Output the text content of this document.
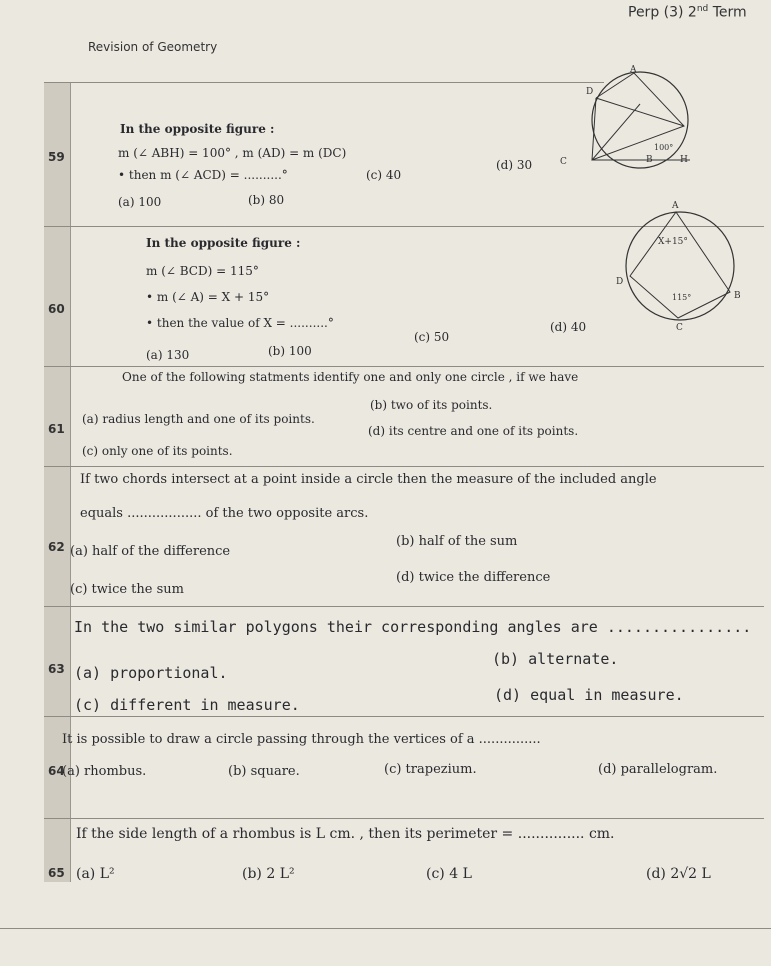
Perp (3) 2nd Term
Revision of Geometry
59
In the opposite figure :
m (∠ ABH) = 100° , m (AD) = m (DC)
• then m (∠ ACD) = ..........°
(a) 100	(b) 80
(c) 40
(d) 30
D
A
100°
C	B	H
60
In the opposite figure :
m (∠ BCD) = 115°
• m (∠ A) = X + 15°
• then the value of X = ..........°
(a) 130	(b) 100
(c) 50
(d) 40
A
X+15°
D
115°	B
C
61
One of the following statments identify one and only one circle , if we have
(a) radius length and one of its points.
(b) two of its points.
(c) only one of its points.
(d) its centre and one of its points.
62
If two chords intersect at a point inside a circle then the measure of the included angle
equals .................. of the two opposite arcs.
(a) half of the difference
(b) half of the sum
(c) twice the sum
(d) twice the difference
63
In the two similar polygons their corresponding angles are ................
(a) proportional.
(b) alternate.
(c) different in measure.
(d) equal in measure.
64
It is possible to draw a circle passing through the vertices of a ...............
(a) rhombus.	(b) square.	(c) trapezium.	(d) parallelogram.
65
If the side length of a rhombus is L cm. , then its perimeter = ............... cm.
(a) L²	(b) 2 L²	(c) 4 L	(d) 2√2 L
